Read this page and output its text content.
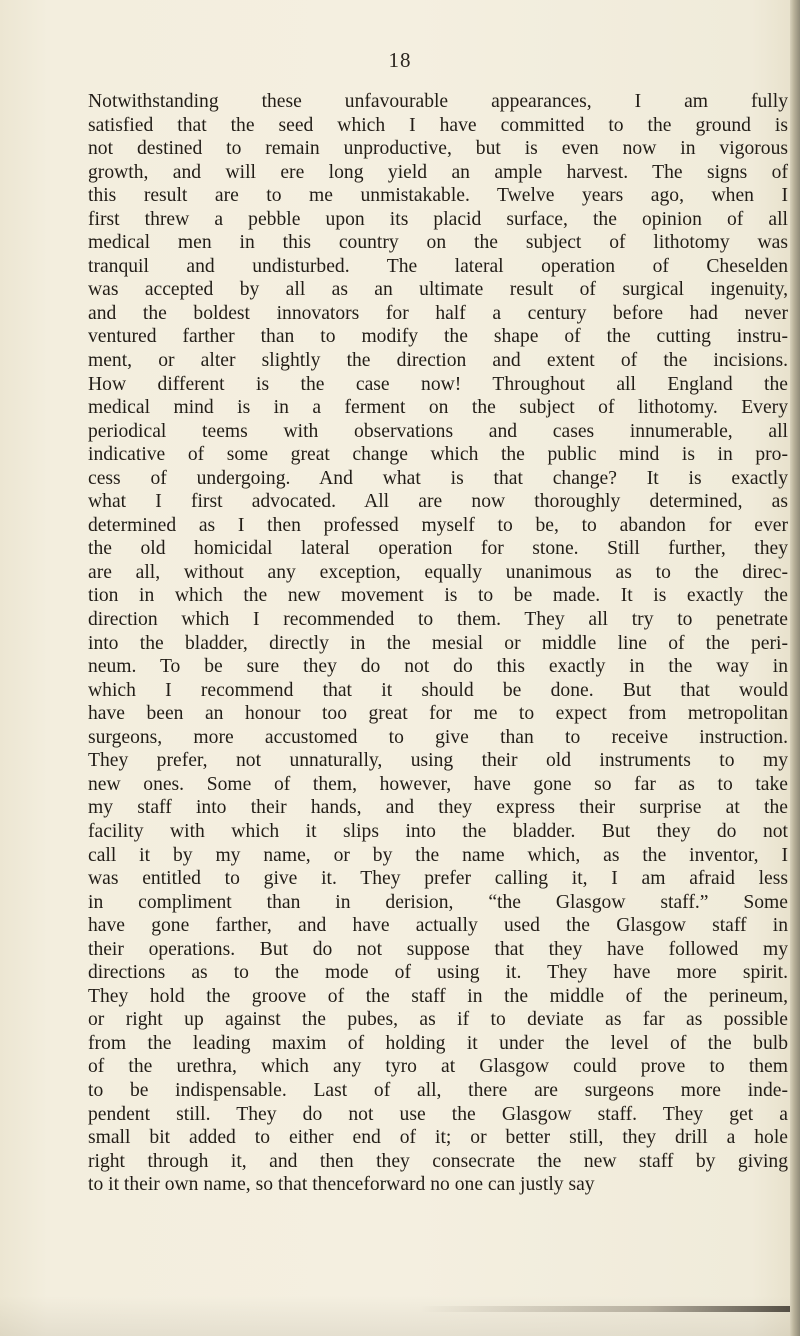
18
Notwithstanding these unfavourable appearances, I am fully
satisfied that the seed which I have committed to the ground is
not destined to remain unproductive, but is even now in vigorous
growth, and will ere long yield an ample harvest. The signs of
this result are to me unmistakable. Twelve years ago, when I
first threw a pebble upon its placid surface, the opinion of all
medical men in this country on the subject of lithotomy was
tranquil and undisturbed. The lateral operation of Cheselden
was accepted by all as an ultimate result of surgical ingenuity,
and the boldest innovators for half a century before had never
ventured farther than to modify the shape of the cutting instru-
ment, or alter slightly the direction and extent of the incisions.
How different is the case now! Throughout all England the
medical mind is in a ferment on the subject of lithotomy. Every
periodical teems with observations and cases innumerable, all
indicative of some great change which the public mind is in pro-
cess of undergoing. And what is that change? It is exactly
what I first advocated. All are now thoroughly determined, as
determined as I then professed myself to be, to abandon for ever
the old homicidal lateral operation for stone. Still further, they
are all, without any exception, equally unanimous as to the direc-
tion in which the new movement is to be made. It is exactly the
direction which I recommended to them. They all try to penetrate
into the bladder, directly in the mesial or middle line of the peri-
neum. To be sure they do not do this exactly in the way in
which I recommend that it should be done. But that would
have been an honour too great for me to expect from metropolitan
surgeons, more accustomed to give than to receive instruction.
They prefer, not unnaturally, using their old instruments to my
new ones. Some of them, however, have gone so far as to take
my staff into their hands, and they express their surprise at the
facility with which it slips into the bladder. But they do not
call it by my name, or by the name which, as the inventor, I
was entitled to give it. They prefer calling it, I am afraid less
in compliment than in derision, “the Glasgow staff.” Some
have gone farther, and have actually used the Glasgow staff in
their operations. But do not suppose that they have followed my
directions as to the mode of using it. They have more spirit.
They hold the groove of the staff in the middle of the perineum,
or right up against the pubes, as if to deviate as far as possible
from the leading maxim of holding it under the level of the bulb
of the urethra, which any tyro at Glasgow could prove to them
to be indispensable. Last of all, there are surgeons more inde-
pendent still. They do not use the Glasgow staff. They get a
small bit added to either end of it; or better still, they drill a hole
right through it, and then they consecrate the new staff by giving
to it their own name, so that thenceforward no one can justly say
